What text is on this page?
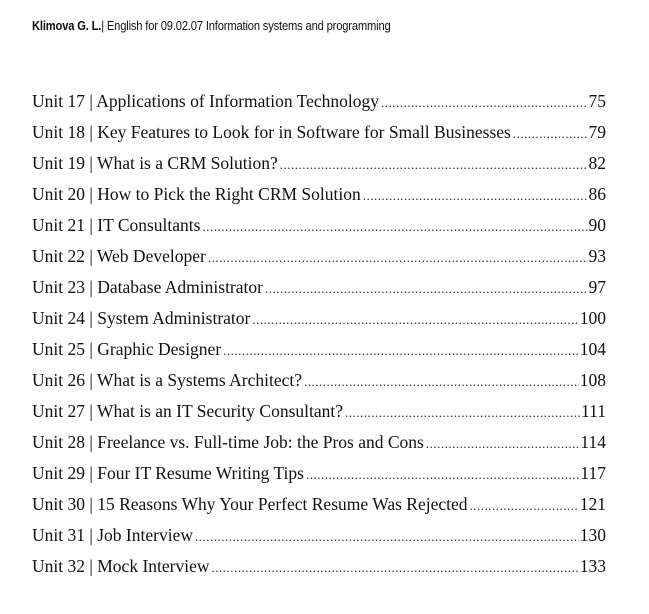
Klimova G. L.| English for 09.02.07 Information systems and programming
Unit 17 | Applications of Information Technology .....	75
Unit 18 | Key Features to Look for in Software for Small Businesses .....	79
Unit 19 | What is a CRM Solution? .....	82
Unit 20 | How to Pick the Right CRM Solution .....	86
Unit 21 | IT Consultants .....	90
Unit 22 | Web Developer .....	93
Unit 23 | Database Administrator .....	97
Unit 24 | System Administrator .....	100
Unit 25 | Graphic Designer .....	104
Unit 26 | What is a Systems Architect? .....	108
Unit 27 | What is an IT Security Consultant? .....	111
Unit 28 | Freelance vs. Full-time Job: the Pros and Cons .....	114
Unit 29 | Four IT Resume Writing Tips .....	117
Unit 30 | 15 Reasons Why Your Perfect Resume Was Rejected .....	121
Unit 31 | Job Interview .....	130
Unit 32 | Mock Interview .....	133
